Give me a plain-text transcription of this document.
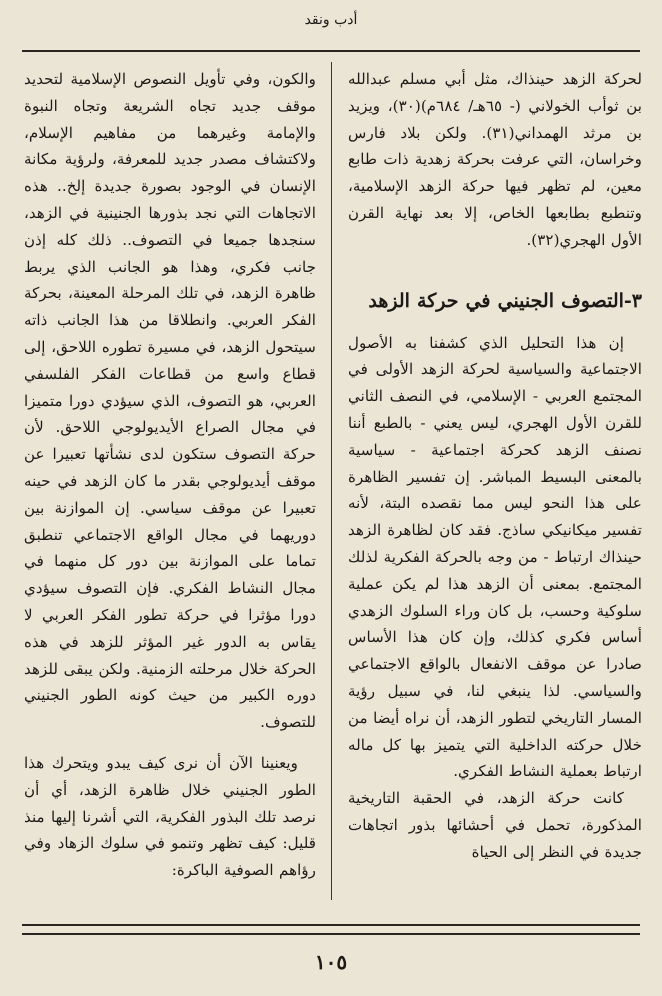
أدب ونقد

لحركة الزهد حينذاك، مثل أبي مسلم عبدالله بن ثوأب الخولاني (- ٦٥هـ/ ٦٨٤م)(٣٠)، ويزيد بن مرثد الهمداني(٣١). ولكن بلاد فارس وخراسان، التي عرفت بحركة زهدية ذات طابع معين، لم تظهر فيها حركة الزهد الإسلامية، وتنطبع بطابعها الخاص، إلا بعد نهاية القرن الأول الهجري(٣٢).

٣-التصوف الجنيني في حركة الزهد

إن هذا التحليل الذي كشفنا به الأصول الاجتماعية والسياسية لحركة الزهد الأولى في المجتمع العربي - الإسلامي، في النصف الثاني للقرن الأول الهجري، ليس يعني - بالطبع أننا نصنف الزهد كحركة اجتماعية - سياسية بالمعنى البسيط المباشر. إن تفسير الظاهرة على هذا النحو ليس مما نقصده البتة، لأنه تفسير ميكانيكي ساذج. فقد كان لظاهرة الزهد حينذاك ارتباط - من وجه بالحركة الفكرية لذلك المجتمع. بمعنى أن الزهد هذا لم يكن عملية سلوكية وحسب، بل كان وراء السلوك الزهدي أساس فكري كذلك، وإن كان هذا الأساس صادرا عن موقف الانفعال بالواقع الاجتماعي والسياسي. لذا ينبغي لنا، في سبيل رؤية المسار التاريخي لتطور الزهد، أن نراه أيضا من خلال حركته الداخلية التي يتميز بها كل ماله ارتباط بعملية النشاط الفكري.

كانت حركة الزهد، في الحقبة التاريخية المذكورة، تحمل في أحشائها بذور اتجاهات جديدة في النظر إلى الحياة

والكون، وفي تأويل النصوص الإسلامية لتحديد موقف جديد تجاه الشريعة وتجاه النبوة والإمامة وغيرهما من مفاهيم الإسلام، ولاكتشاف مصدر جديد للمعرفة، ولرؤية مكانة الإنسان في الوجود بصورة جديدة إلخ.. هذه الاتجاهات التي نجد بذورها الجنينية في الزهد، سنجدها جميعا في التصوف.. ذلك كله إذن جانب فكري، وهذا هو الجانب الذي يربط ظاهرة الزهد، في تلك المرحلة المعينة، بحركة الفكر العربي. وانطلاقا من هذا الجانب ذاته سيتحول الزهد، في مسيرة تطوره اللاحق، إلى قطاع واسع من قطاعات الفكر الفلسفي العربي، هو التصوف، الذي سيؤدي دورا متميزا في مجال الصراع الأيديولوجي اللاحق. لأن حركة التصوف ستكون لدى نشأتها تعبيرا عن موقف أيديولوجي بقدر ما كان الزهد في حينه تعبيرا عن موقف سياسي. إن الموازنة بين دوريهما في مجال الواقع الاجتماعي تنطبق تماما على الموازنة بين دور كل منهما في مجال النشاط الفكري. فإن التصوف سيؤدي دورا مؤثرا في حركة تطور الفكر العربي لا يقاس به الدور غير المؤثر للزهد في هذه الحركة خلال مرحلته الزمنية. ولكن يبقى للزهد دوره الكبير من حيث كونه الطور الجنيني للتصوف.

ويعنينا الآن أن نرى كيف يبدو ويتحرك هذا الطور الجنيني خلال ظاهرة الزهد، أي أن نرصد تلك البذور الفكرية، التي أشرنا إليها منذ قليل: كيف تظهر وتنمو في سلوك الزهاد وفي رؤاهم الصوفية الباكرة:

١٠٥
